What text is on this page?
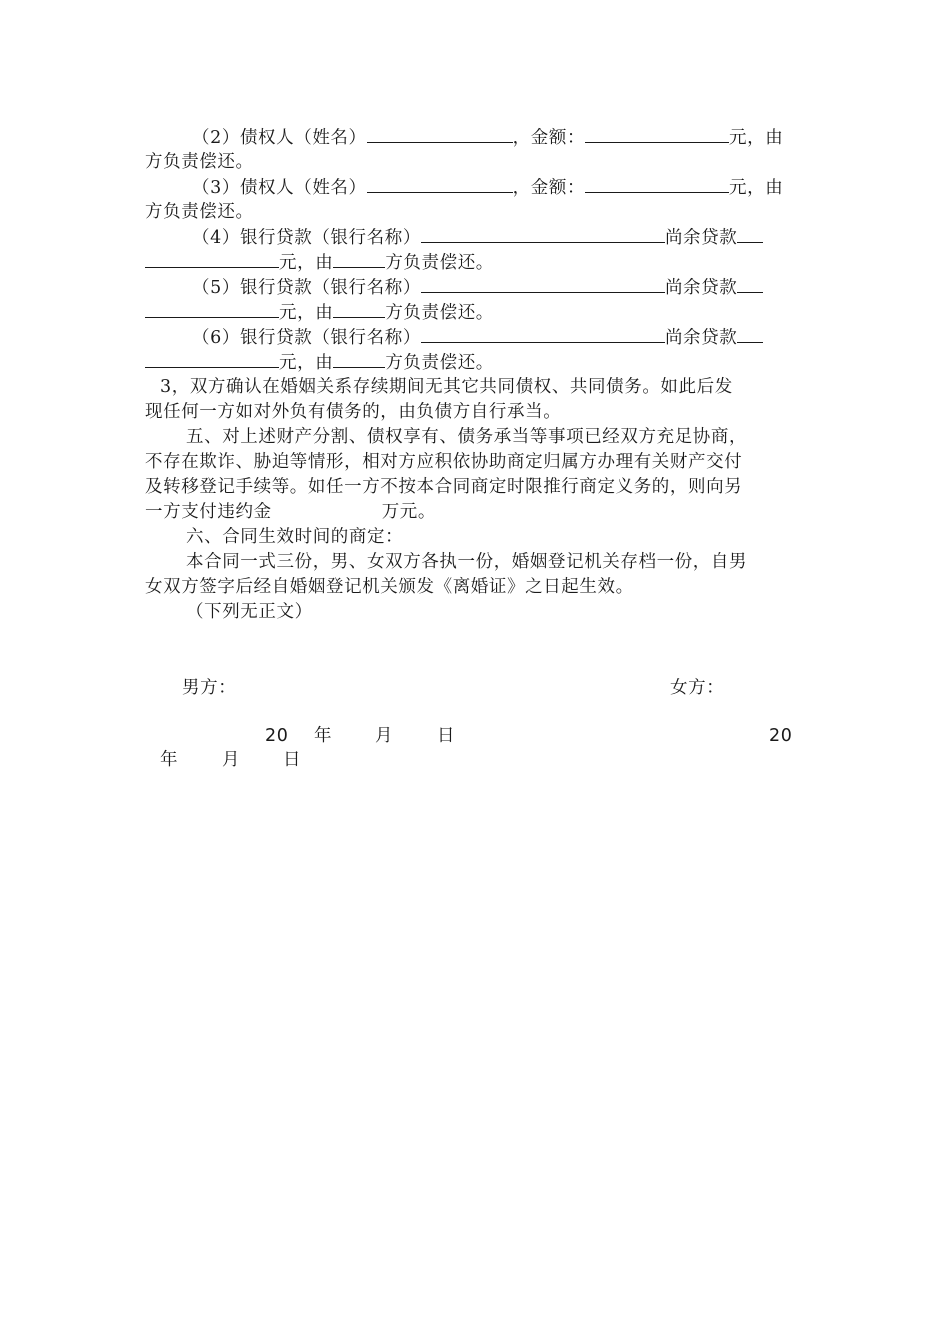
（2）债权人（姓名）	，金额：	元，由
方负责偿还。
（3）债权人（姓名）	，金额：	元，由
方负责偿还。
（4）银行贷款（银行名称）	尚余贷款
元，由	方负责偿还。
（5）银行贷款（银行名称）	尚余贷款
元，由	方负责偿还。
（6）银行贷款（银行名称）	尚余贷款
元，由	方负责偿还。
3，双方确认在婚姻关系存续期间无其它共同债权、共同债务。如此后发
现任何一方如对外负有债务的，由负债方自行承当。
五、对上述财产分割、债权享有、债务承当等事项已经双方充足协商，
不存在欺诈、胁迫等情形，相对方应积依协助商定归属方办理有关财产交付
及转移登记手续等。如任一方不按本合同商定时限推行商定义务的，则向另
一方支付违约金	万元。
六、合同生效时间的商定：
本合同一式三份，男、女双方各执一份，婚姻登记机关存档一份，自男
女双方签字后经自婚姻登记机关颁发《离婚证》之日起生效。
（下列无正文）
男方：	女方：
20 年 月	日	20
年	月 日
